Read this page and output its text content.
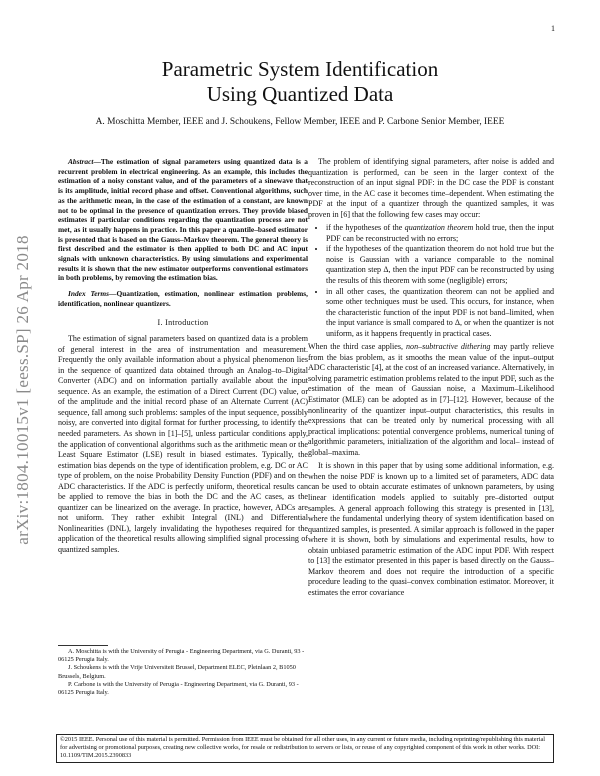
1
arXiv:1804.10015v1 [eess.SP] 26 Apr 2018
Parametric System Identification
Using Quantized Data
A. Moschitta Member, IEEE and J. Schoukens, Fellow Member, IEEE and P. Carbone Senior Member, IEEE

Abstract—The estimation of signal parameters using quantized data is a recurrent problem in electrical engineering. As an example, this includes the estimation of a noisy constant value, and of the parameters of a sinewave that is its amplitude, initial record phase and offset. Conventional algorithms, such as the arithmetic mean, in the case of the estimation of a constant, are known not to be optimal in the presence of quantization errors. They provide biased estimates if particular conditions regarding the quantization process are not met, as it usually happens in practice. In this paper a quantile–based estimator is presented that is based on the Gauss–Markov theorem. The general theory is first described and the estimator is then applied to both DC and AC input signals with unknown characteristics. By using simulations and experimental results it is shown that the new estimator outperforms conventional estimators in both problems, by removing the estimation bias.

Index Terms—Quantization, estimation, nonlinear estimation problems, identification, nonlinear quantizers.

I. Introduction

The estimation of signal parameters based on quantized data is a problem of general interest in the area of instrumentation and measurement. Frequently the only available information about a physical phenomenon lies in the sequence of quantized data obtained through an Analog–to–Digital Converter (ADC) and on information partially available about the input sequence. As an example, the estimation of a Direct Current (DC) value, or of the amplitude and the initial record phase of an Alternate Current (AC) sequence, fall among such problems: samples of the input sequence, possibly noisy, are converted into digital format for further processing, to identify the needed parameters. As shown in [1]–[5], unless particular conditions apply, the application of conventional algorithms such as the arithmetic mean or the Least Square Estimator (LSE) result in biased estimates. Typically, the estimation bias depends on the type of identification problem, e.g. DC or AC type of problem, on the noise Probability Density Function (PDF) and on the ADC characteristics. If the ADC is perfectly uniform, theoretical results can be applied to remove the bias in both the DC and the AC cases, as the quantizer can be linearized on the average. In practice, however, ADCs are not uniform. They rather exhibit Integral (INL) and Differential Nonlinearities (DNL), largely invalidating the hypotheses required for the application of the theoretical results allowing simplified signal processing of quantized samples.

A. Moschitta is with the University of Perugia - Engineering Department, via G. Duranti, 93 - 06125 Perugia Italy.

J. Schoukens is with the Vrije Universiteit Brussel, Department ELEC, Pleinlaan 2, B1050 Brussels, Belgium.

P. Carbone is with the University of Perugia - Engineering Department, via G. Duranti, 93 - 06125 Perugia Italy.

©2015 IEEE. Personal use of this material is permitted. Permission from IEEE must be obtained for all other uses, in any current or future media, including reprinting/republishing this material for advertising or promotional purposes, creating new collective works, for resale or redistribution to servers or lists, or reuse of any copyrighted component of this work in other works. DOI: 10.1109/TIM.2015.2390833

The problem of identifying signal parameters, after noise is added and quantization is performed, can be seen in the larger context of the reconstruction of an input signal PDF: in the DC case the PDF is constant over time, in the AC case it becomes time–dependent. When estimating the PDF at the input of a quantizer through the quantized samples, it was proven in [6] that the following few cases may occur:

• if the hypotheses of the quantization theorem hold true, then the input PDF can be reconstructed with no errors;
• if the hypotheses of the quantization theorem do not hold true but the noise is Gaussian with a variance comparable to the nominal quantization step Δ, then the input PDF can be reconstructed by using the results of this theorem with some (negligible) errors;
• in all other cases, the quantization theorem can not be applied and some other techniques must be used. This occurs, for instance, when the characteristic function of the input PDF is not band–limited, when the input variance is small compared to Δ, or when the quantizer is not uniform, as it happens frequently in practical cases.

When the third case applies, non–subtractive dithering may partly relieve from the bias problem, as it smooths the mean value of the input–output ADC characteristic [4], at the cost of an increased variance. Alternatively, in solving parametric estimation problems related to the input PDF, such as the estimation of the mean of Gaussian noise, a Maximum–Likelihood Estimator (MLE) can be adopted as in [7]–[12]. However, because of the nonlinearity of the quantizer input–output characteristics, this results in expressions that can be treated only by numerical processing with all practical implications: potential convergence problems, numerical tuning of algorithmic parameters, initialization of the algorithm and local– instead of global–maxima.

It is shown in this paper that by using some additional information, e.g. when the noise PDF is known up to a limited set of parameters, ADC data can be used to obtain accurate estimates of unknown parameters, by using linear identification models applied to suitably pre–distorted output samples. A general approach following this strategy is presented in [13], where the fundamental underlying theory of system identification based on quantized samples, is presented. A similar approach is followed in the paper where it is shown, both by simulations and experimental results, how to obtain unbiased parametric estimation of the ADC input PDF. With respect to [13] the estimator presented in this paper is based directly on the Gauss–Markov theorem and does not require the introduction of a specific procedure leading to the quasi–convex combination estimator. Moreover, it estimates the error covariance
